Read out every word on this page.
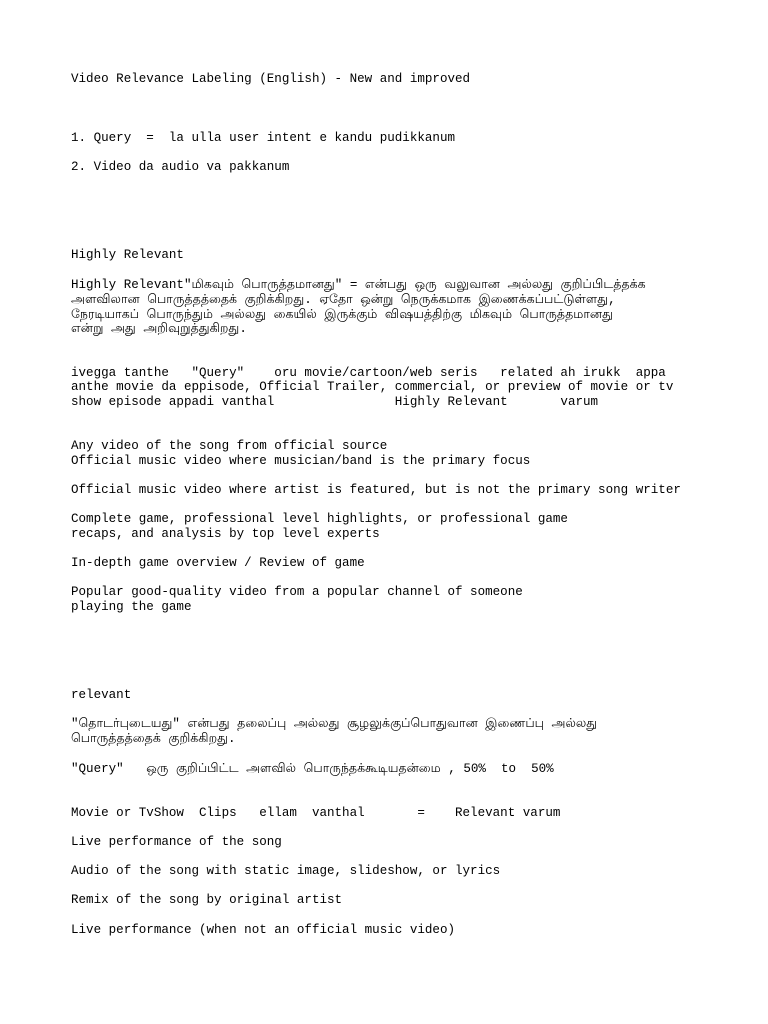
Video Relevance Labeling (English) - New and improved
1. Query  =  la ulla user intent e kandu pudikkanum
2. Video da audio va pakkanum
Highly Relevant
Highly Relevant"மிகவும் பொருத்தமானது" = என்பது ஒரு வலுவான அல்லது குறிப்பிடத்தக்க
அளவிலான பொருத்தத்தைக் குறிக்கிறது. ஏதோ ஒன்று நெருக்கமாக இணைக்கப்பட்டுள்ளது,
நேரடியாகப் பொருந்தும் அல்லது கையில் இருக்கும் விஷயத்திற்கு மிகவும் பொருத்தமானது
என்று அது அறிவுறுத்துகிறது.
ivegga tanthe   "Query"    oru movie/cartoon/web seris   related ah irukk  appa
anthe movie da eppisode, Official Trailer, commercial, or preview of movie or tv
show episode appadi vanthal                Highly Relevant       varum
Any video of the song from official source
Official music video where musician/band is the primary focus
Official music video where artist is featured, but is not the primary song writer
Complete game, professional level highlights, or professional game
recaps, and analysis by top level experts
In-depth game overview / Review of game
Popular good-quality video from a popular channel of someone
playing the game
relevant
"தொடர்புடையது" என்பது தலைப்பு அல்லது சூழலுக்குப்பொதுவான இணைப்பு அல்லது
பொருத்தத்தைக் குறிக்கிறது.
"Query"   ஒரு குறிப்பிட்ட அளவில் பொருந்தக்கூடியதன்மை , 50%  to  50%
Movie or TvShow  Clips   ellam  vanthal       =    Relevant varum
Live performance of the song
Audio of the song with static image, slideshow, or lyrics
Remix of the song by original artist
Live performance (when not an official music video)
